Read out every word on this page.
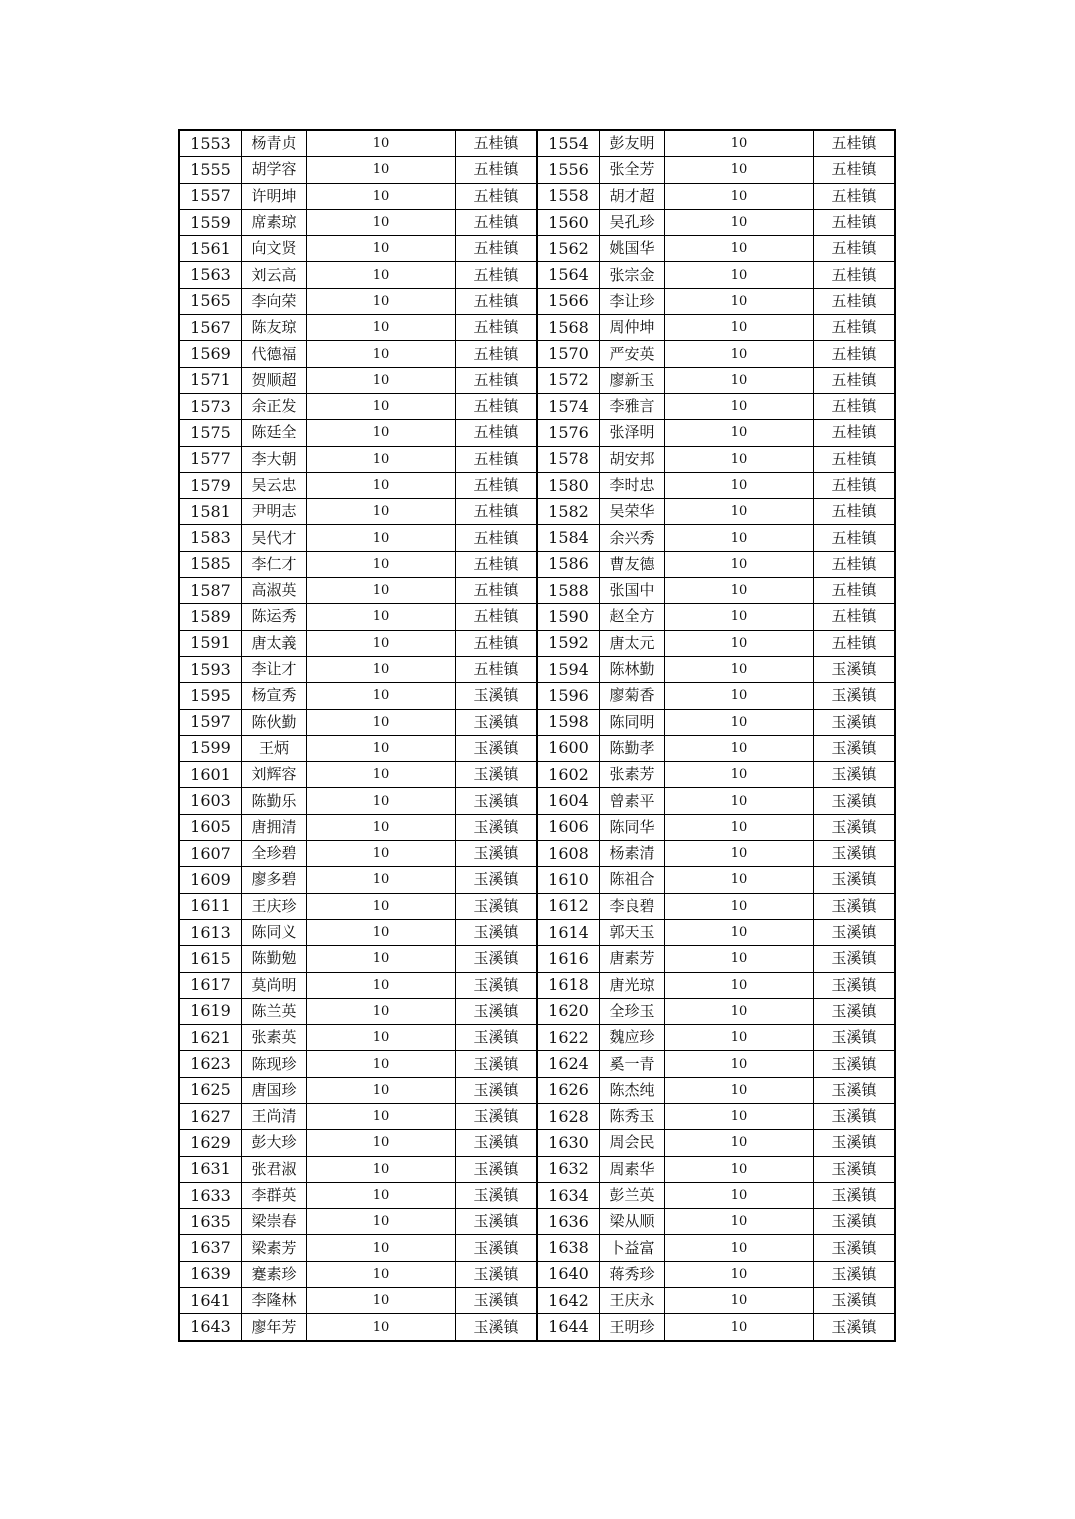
1553	杨青贞	10	五桂镇	1554	彭友明	10	五桂镇
1555	胡学容	10	五桂镇	1556	张全芳	10	五桂镇
1557	许明坤	10	五桂镇	1558	胡才超	10	五桂镇
1559	席素琼	10	五桂镇	1560	吴孔珍	10	五桂镇
1561	向文贤	10	五桂镇	1562	姚国华	10	五桂镇
1563	刘云高	10	五桂镇	1564	张宗金	10	五桂镇
1565	李向荣	10	五桂镇	1566	李让珍	10	五桂镇
1567	陈友琼	10	五桂镇	1568	周仲坤	10	五桂镇
1569	代德福	10	五桂镇	1570	严安英	10	五桂镇
1571	贺顺超	10	五桂镇	1572	廖新玉	10	五桂镇
1573	余正发	10	五桂镇	1574	李雅言	10	五桂镇
1575	陈廷全	10	五桂镇	1576	张泽明	10	五桂镇
1577	李大朝	10	五桂镇	1578	胡安邦	10	五桂镇
1579	吴云忠	10	五桂镇	1580	李时忠	10	五桂镇
1581	尹明志	10	五桂镇	1582	吴荣华	10	五桂镇
1583	吴代才	10	五桂镇	1584	余兴秀	10	五桂镇
1585	李仁才	10	五桂镇	1586	曹友德	10	五桂镇
1587	高淑英	10	五桂镇	1588	张国中	10	五桂镇
1589	陈运秀	10	五桂镇	1590	赵全方	10	五桂镇
1591	唐太義	10	五桂镇	1592	唐太元	10	五桂镇
1593	李让才	10	五桂镇	1594	陈林勤	10	玉溪镇
1595	杨宣秀	10	玉溪镇	1596	廖菊香	10	玉溪镇
1597	陈伙勤	10	玉溪镇	1598	陈同明	10	玉溪镇
1599	王炳	10	玉溪镇	1600	陈勤孝	10	玉溪镇
1601	刘辉容	10	玉溪镇	1602	张素芳	10	玉溪镇
1603	陈勤乐	10	玉溪镇	1604	曾素平	10	玉溪镇
1605	唐拥清	10	玉溪镇	1606	陈同华	10	玉溪镇
1607	全珍碧	10	玉溪镇	1608	杨素清	10	玉溪镇
1609	廖多碧	10	玉溪镇	1610	陈祖合	10	玉溪镇
1611	王庆珍	10	玉溪镇	1612	李良碧	10	玉溪镇
1613	陈同义	10	玉溪镇	1614	郭天玉	10	玉溪镇
1615	陈勤勉	10	玉溪镇	1616	唐素芳	10	玉溪镇
1617	莫尚明	10	玉溪镇	1618	唐光琼	10	玉溪镇
1619	陈兰英	10	玉溪镇	1620	全珍玉	10	玉溪镇
1621	张素英	10	玉溪镇	1622	魏应珍	10	玉溪镇
1623	陈现珍	10	玉溪镇	1624	奚一青	10	玉溪镇
1625	唐国珍	10	玉溪镇	1626	陈杰纯	10	玉溪镇
1627	王尚清	10	玉溪镇	1628	陈秀玉	10	玉溪镇
1629	彭大珍	10	玉溪镇	1630	周会民	10	玉溪镇
1631	张君淑	10	玉溪镇	1632	周素华	10	玉溪镇
1633	李群英	10	玉溪镇	1634	彭兰英	10	玉溪镇
1635	梁崇春	10	玉溪镇	1636	梁从顺	10	玉溪镇
1637	梁素芳	10	玉溪镇	1638	卜益富	10	玉溪镇
1639	蹇素珍	10	玉溪镇	1640	蒋秀珍	10	玉溪镇
1641	李隆林	10	玉溪镇	1642	王庆永	10	玉溪镇
1643	廖年芳	10	玉溪镇	1644	王明珍	10	玉溪镇
